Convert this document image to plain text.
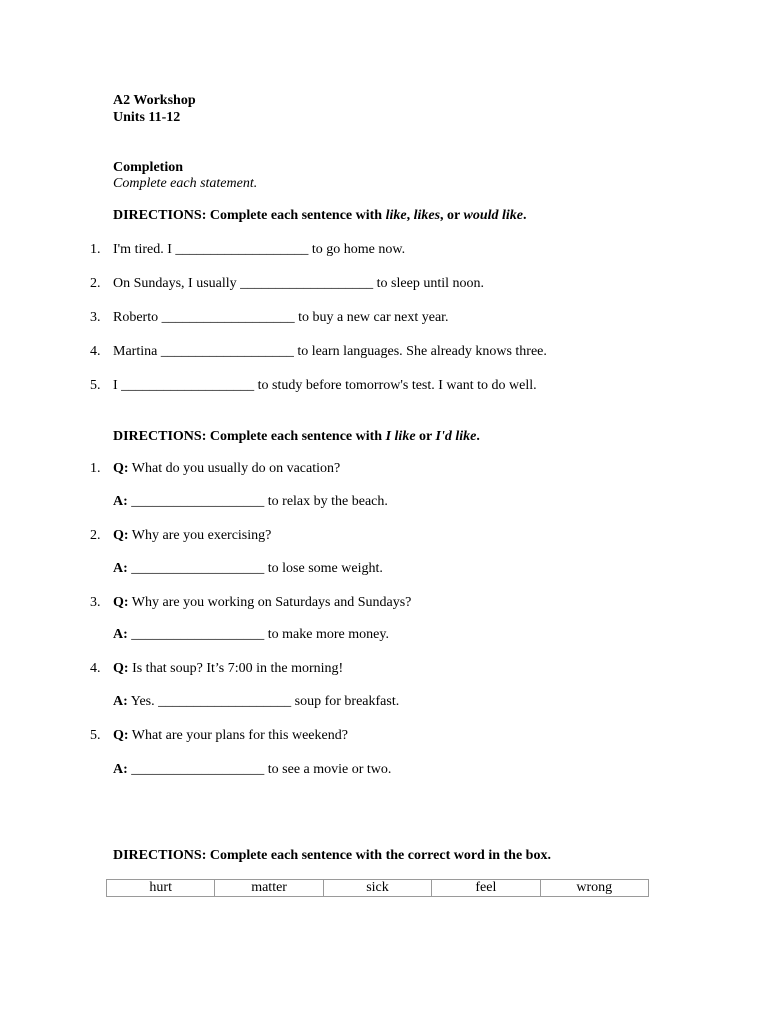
A2 Workshop
Units 11-12
Completion
Complete each statement.
DIRECTIONS: Complete each sentence with like, likes, or would like.
1. I'm tired. I ___________________ to go home now.
2. On Sundays, I usually ___________________ to sleep until noon.
3. Roberto ___________________ to buy a new car next year.
4. Martina ___________________ to learn languages. She already knows three.
5. I ___________________ to study before tomorrow's test. I want to do well.
DIRECTIONS: Complete each sentence with I like or I'd like.
1. Q: What do you usually do on vacation?
A: ___________________ to relax by the beach.
2. Q: Why are you exercising?
A: ___________________ to lose some weight.
3. Q: Why are you working on Saturdays and Sundays?
A: ___________________ to make more money.
4. Q: Is that soup? It’s 7:00 in the morning!
A: Yes. ___________________ soup for breakfast.
5. Q: What are your plans for this weekend?
A: ___________________ to see a movie or two.
DIRECTIONS: Complete each sentence with the correct word in the box.
hurt	matter	sick	feel	wrong
